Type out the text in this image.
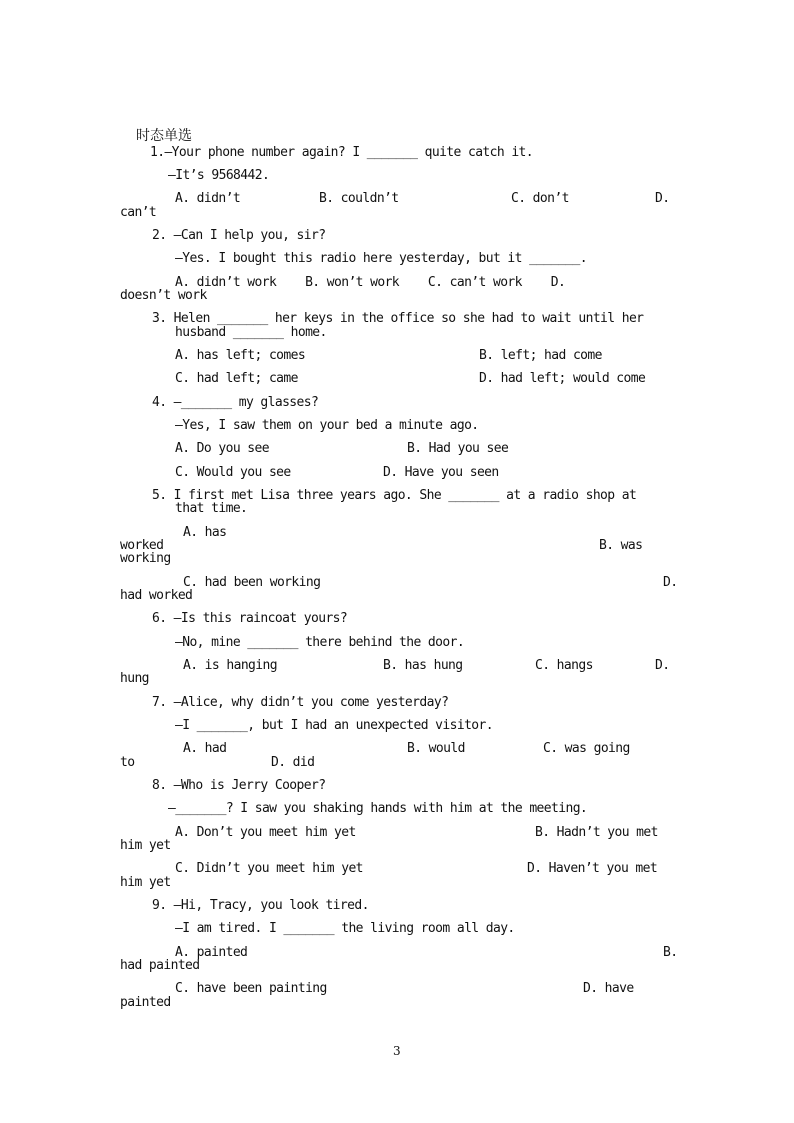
时态单选
1.—Your phone number again? I _______ quite catch it.
—It’s 9568442.
A. didn’t	B. couldn’t	C. don’t	D.
can’t
2. —Can I help you, sir?
—Yes. I bought this radio here yesterday, but it _______.
A. didn’t work    B. won’t work    C. can’t work    D.
doesn’t work
3. Helen _______ her keys in the office so she had to wait until her
husband _______ home.
A. has left; comes	B. left; had come
C. had left; came	D. had left; would come
4. —_______ my glasses?
—Yes, I saw them on your bed a minute ago.
A. Do you see	B. Had you see
C. Would you see	D. Have you seen
5. I first met Lisa three years ago. She _______ at a radio shop at
that time.
A. has
worked	B. was
working
C. had been working	D.
had worked
6. —Is this raincoat yours?
—No, mine _______ there behind the door.
A. is hanging	B. has hung	C. hangs	D.
hung
7. —Alice, why didn’t you come yesterday?
—I _______, but I had an unexpected visitor.
A. had	B. would	C. was going
to	D. did
8. —Who is Jerry Cooper?
—_______? I saw you shaking hands with him at the meeting.
A. Don’t you meet him yet	B. Hadn’t you met
him yet
C. Didn’t you meet him yet	D. Haven’t you met
him yet
9. —Hi, Tracy, you look tired.
—I am tired. I _______ the living room all day.
A. painted	B.
had painted
C. have been painting	D. have
painted
3
